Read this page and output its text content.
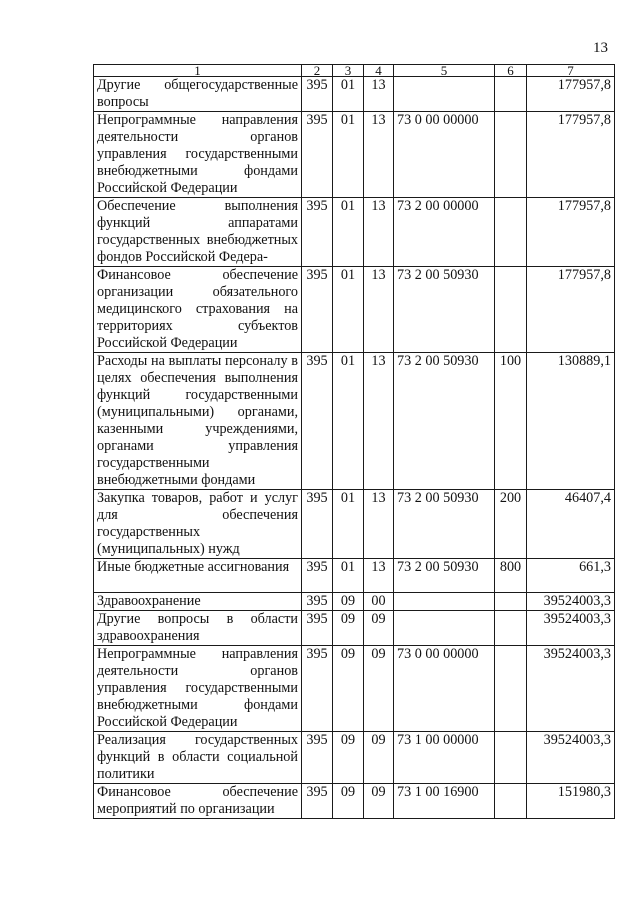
13
1	2	3	4	5	6	7
Другие общегосударственные вопросы	395	01	13			177957,8
Непрограммные направления деятельности органов управления государственными внебюджетными фондами Российской Федерации	395	01	13	73 0 00 00000		177957,8
Обеспечение выполнения функций аппаратами государственных внебюджетных фондов Российской Федера-	395	01	13	73 2 00 00000		177957,8
Финансовое обеспечение организации обязательного медицинского страхования на территориях субъектов Российской Федерации	395	01	13	73 2 00 50930		177957,8
Расходы на выплаты персоналу в целях обеспечения выполнения функций государственными (муниципальными) органами, казенными учреждениями, органами управления государственными внебюджетными фондами	395	01	13	73 2 00 50930	100	130889,1
Закупка товаров, работ и услуг для обеспечения государственных (муниципальных) нужд	395	01	13	73 2 00 50930	200	46407,4
Иные бюджетные ассигнования	395	01	13	73 2 00 50930	800	661,3
Здравоохранение	395	09	00			39524003,3
Другие вопросы в области здравоохранения	395	09	09			39524003,3
Непрограммные направления деятельности органов управления государственными внебюджетными фондами Российской Федерации	395	09	09	73 0 00 00000		39524003,3
Реализация государственных функций в области социальной политики	395	09	09	73 1 00 00000		39524003,3
Финансовое обеспечение мероприятий по организации	395	09	09	73 1 00 16900		151980,3
